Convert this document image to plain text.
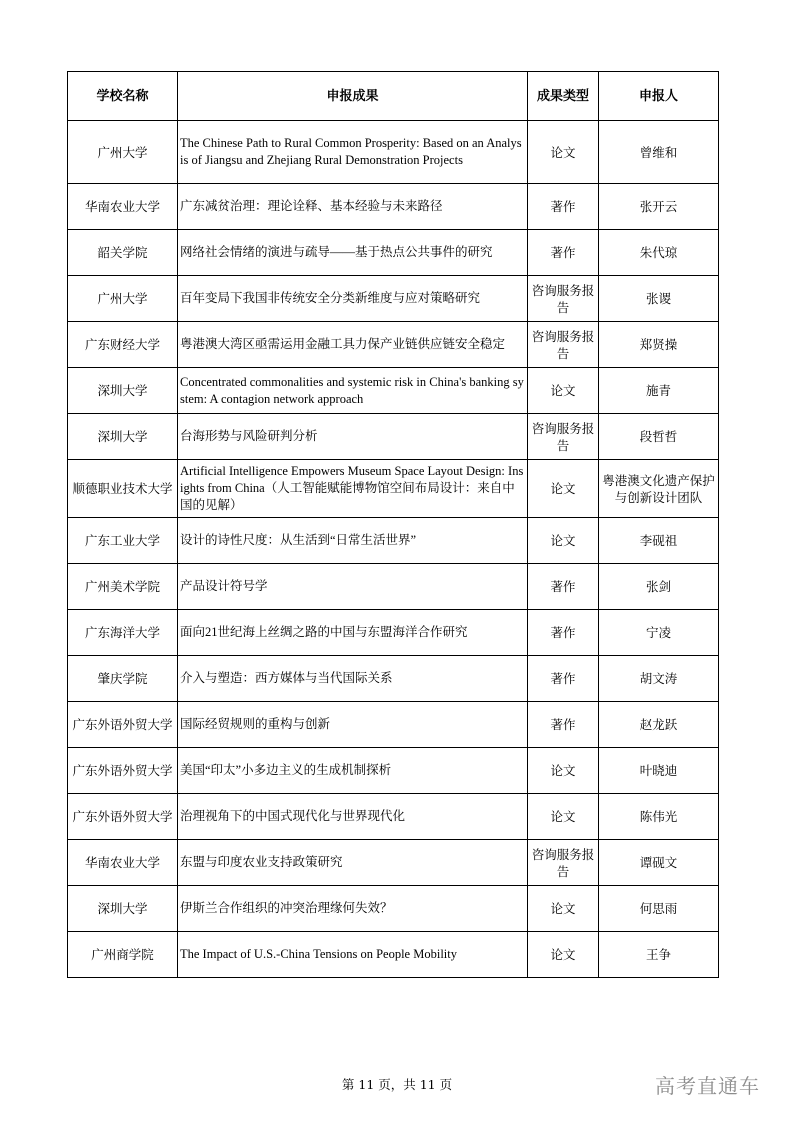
学校名称	申报成果	成果类型	申报人
广州大学	The Chinese Path to Rural Common Prosperity: Based on an Analysis of Jiangsu and Zhejiang Rural Demonstration Projects	论文	曾维和
华南农业大学	广东减贫治理：理论诠释、基本经验与未来路径	著作	张开云
韶关学院	网络社会情绪的演进与疏导——基于热点公共事件的研究	著作	朱代琼
广州大学	百年变局下我国非传统安全分类新维度与应对策略研究	咨询服务报告	张谡
广东财经大学	粤港澳大湾区亟需运用金融工具力保产业链供应链安全稳定	咨询服务报告	郑贤操
深圳大学	Concentrated commonalities and systemic risk in China's banking system: A contagion network approach	论文	施青
深圳大学	台海形势与风险研判分析	咨询服务报告	段哲哲
顺德职业技术大学	Artificial Intelligence Empowers Museum Space Layout Design: Insights from China（人工智能赋能博物馆空间布局设计：来自中国的见解）	论文	粤港澳文化遗产保护与创新设计团队
广东工业大学	设计的诗性尺度：从生活到“日常生活世界”	论文	李砚祖
广州美术学院	产品设计符号学	著作	张剑
广东海洋大学	面向21世纪海上丝绸之路的中国与东盟海洋合作研究	著作	宁凌
肇庆学院	介入与塑造：西方媒体与当代国际关系	著作	胡文涛
广东外语外贸大学	国际经贸规则的重构与创新	著作	赵龙跃
广东外语外贸大学	美国“印太”小多边主义的生成机制探析	论文	叶晓迪
广东外语外贸大学	治理视角下的中国式现代化与世界现代化	论文	陈伟光
华南农业大学	东盟与印度农业支持政策研究	咨询服务报告	谭砚文
深圳大学	伊斯兰合作组织的冲突治理缘何失效？	论文	何思雨
广州商学院	The Impact of U.S.-China Tensions on People Mobility	论文	王争
第 11 页，共 11 页	高考直通车
